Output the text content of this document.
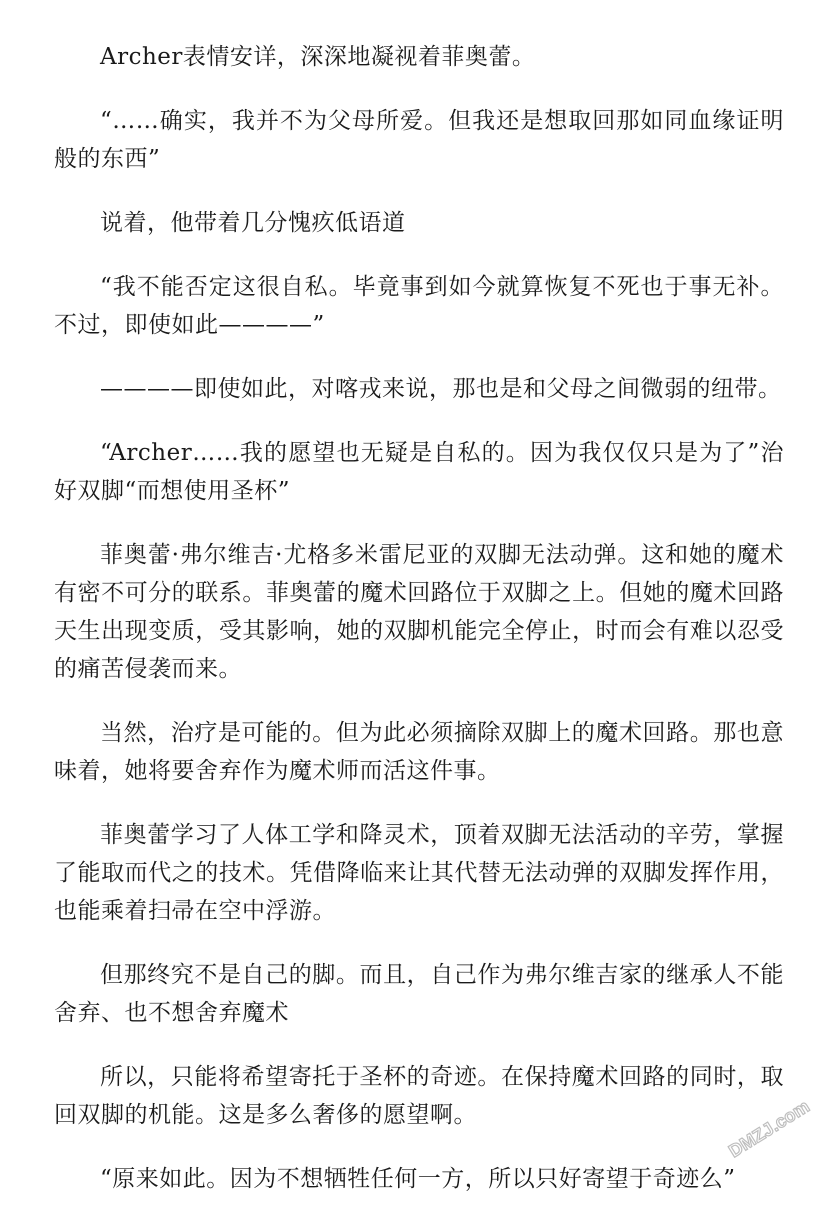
Archer表情安详，深深地凝视着菲奥蕾。

“……确实，我并不为父母所爱。但我还是想取回那如同血缘证明般的东西”

说着，他带着几分愧疚低语道

“我不能否定这很自私。毕竟事到如今就算恢复不死也于事无补。不过，即使如此————”

————即使如此，对喀戎来说，那也是和父母之间微弱的纽带。

“Archer……我的愿望也无疑是自私的。因为我仅仅只是为了”治好双脚“而想使用圣杯”

菲奥蕾·弗尔维吉·尤格多米雷尼亚的双脚无法动弹。这和她的魔术有密不可分的联系。菲奥蕾的魔术回路位于双脚之上。但她的魔术回路天生出现变质，受其影响，她的双脚机能完全停止，时而会有难以忍受的痛苦侵袭而来。

当然，治疗是可能的。但为此必须摘除双脚上的魔术回路。那也意味着，她将要舍弃作为魔术师而活这件事。

菲奥蕾学习了人体工学和降灵术，顶着双脚无法活动的辛劳，掌握了能取而代之的技术。凭借降临来让其代替无法动弹的双脚发挥作用，也能乘着扫帚在空中浮游。

但那终究不是自己的脚。而且，自己作为弗尔维吉家的继承人不能舍弃、也不想舍弃魔术

所以，只能将希望寄托于圣杯的奇迹。在保持魔术回路的同时，取回双脚的机能。这是多么奢侈的愿望啊。

“原来如此。因为不想牺牲任何一方，所以只好寄望于奇迹么”

DMZJ.com
